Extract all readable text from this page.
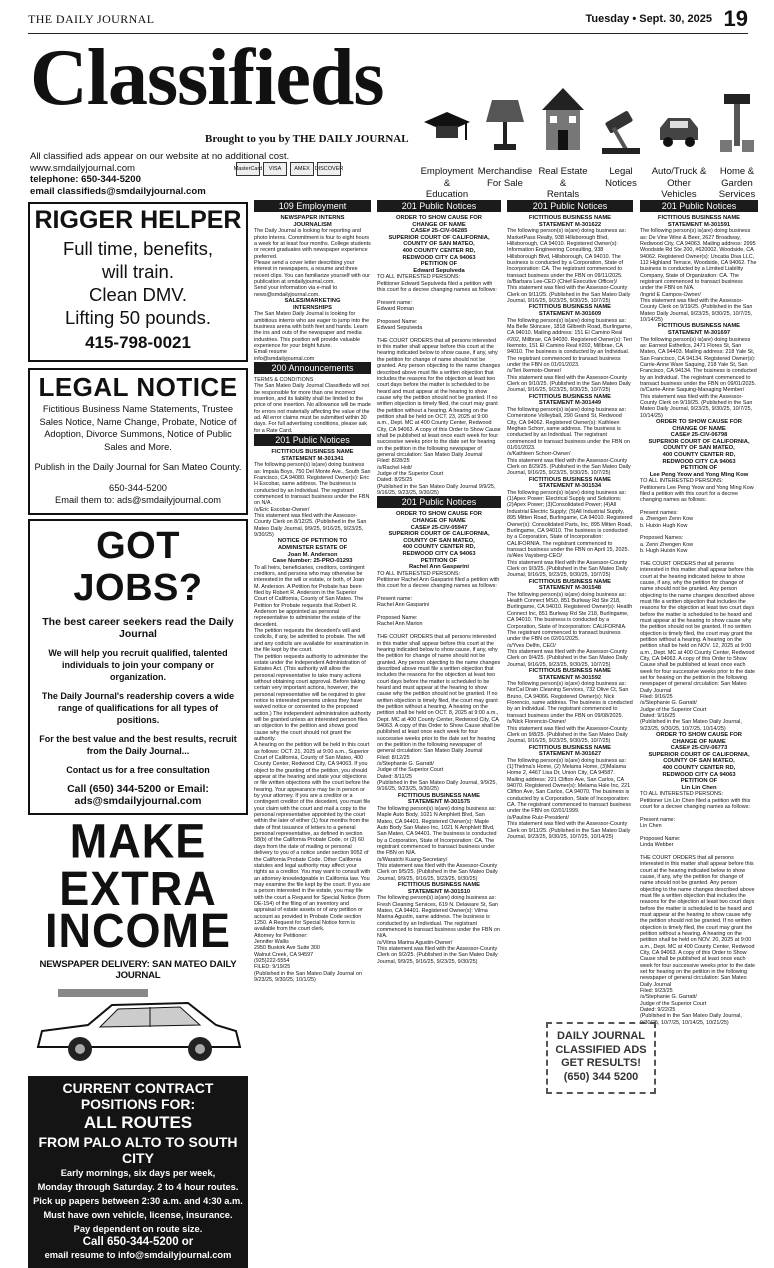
THE DAILY JOURNAL	Tuesday • Sept. 30, 2025 19
Classifieds
Brought to you by THE DAILY JOURNAL
All classified ads appear on our website at no additional cost. www.smdailyjournal.com
telephone: 650-344-5200
email classifieds@smdailyjournal.com
MasterCard	VISA	AMEX DISCOVER	Employment &
Education
Merchandise
For Sale
Real Estate &
Rentals
Legal
Notices
Auto/Truck &
Other Vehicles
Home & Garden
Services
RIGGER HELPER
Full time, benefits,
will train.
Clean DMV.
Lifting 50 pounds.
415-798-0021
LEGAL NOTICE

Fictitious Business Name Statements, Trustee Sales Notice, Name Change, Probate, Notice of Adoption, Divorce Summons, Notice of Public Sales and More.

Publish in the Daily Journal for San Mateo County.

650-344-5200

Email them to: ads@smdailyjournal.com

GOT JOBS?

The best career seekers read the Daily Journal

We will help you recruit qualified, talented individuals to join your company or organization.

The Daily Journal's readership covers a wide range of qualifications for all types of positions.

For the best value and the best results, recruit from the Daily Journal...

Contact us for a free consultation

Call (650) 344-5200 or Email: ads@smdailyjournal.com

MAKE EXTRA
INCOME
NEWSPAPER DELIVERY: SAN MATEO DAILY JOURNAL
CURRENT CONTRACT POSITIONS FOR:
ALL ROUTES
FROM PALO ALTO TO SOUTH CITY
Early mornings, six days per week,
Monday through Saturday. 2 to 4 hour routes.
Pick up papers between 2:30 a.m. and 4:30 a.m.
Must have own vehicle, license, insurance.
Pay dependent on route size.
Call 650-344-5200 or
email resume to info@smdailyjournal.com
109 Employment

NEWSPAPER INTERNS
JOURNALISM

The Daily Journal is looking for reporting and photo interns. Commitment is four to eight hours a week for at least four months. College students or recent graduates with newspaper experience preferred.
Please send a cover letter describing your interest in newspapers, a resume and three recent clips. You can familiarize yourself with our publication at smdailyjournal.com.
Send your information via e-mail to news@smdailyjournal.com.

SALES/MARKETING
INTERNSHIPS

The San Mateo Daily Journal is looking for ambitious interns who are eager to jump into the business arena with both feet and hands. Learn the ins and outs of the newspaper and media industries. This position will provide valuable experience for your bright future.
Email resume
info@smdailyjournal.com

200 Announcements

TERMS & CONDITIONS
The San Mateo Daily Journal Classifieds will not be responsible for more than one incorrect insertion, and its liability shall be limited to the price of one insertion. No allowance will be made for errors not materially affecting the value of the ad. All error claims must be submitted within 30 days. For full advertising conditions, please ask for a Rate Card.

201 Public Notices

FICTITIOUS BUSINESS NAME
STATEMENT M-301341

The following person(s) is(are) doing business as: Impala Boys, 750 Del Monte Ave., South San Francisco, CA 94080. Registered Owner(s): Eric H Escobar, same address. The business is conducted by an Individual. The registrant commenced to transact business under the FBN on N/A.
/s/Eric Escobar-Owner/
This statement was filed with the Assessor-County Clerk on 8/12/25. (Published in the San Mateo Daily Journal, 9/9/25, 9/16/25, 9/23/25, 9/30/25)

NOTICE OF PETITION TO
ADMINISTER ESTATE OF
Joan M. Anderson
Case Number: 25-PRO-01293

To all heirs, beneficiaries, creditors, contingent creditors, and persons who may otherwise be interested in the will or estate, or both, of Joan M. Anderson. A Petition for Probate has been filed by Robert R. Anderson in the Superior Court of California, County of San Mateo. The Petition for Probate requests that Robert R. Anderson be appointed as personal representative to administer the estate of the decedent.
The petition requests the decedent's will and codicils, if any, be admitted to probate. The will and any codicils are available for examination in the file kept by the court.
The petition requests authority to administer the estate under the Independent Administration of Estates Act. (This authority will allow the personal representative to take many actions without obtaining court approval. Before taking certain very important actions, however, the personal representative will be required to give notice to interested persons unless they have waived notice or consented to the proposed action.) The independent administration authority will be granted unless an interested person files an objection to the petition and shows good cause why the court should not grant the authority.
A hearing on the petition will be held in this court as follows: OCT. 21, 2025 at 9:00 a.m., Superior Court of California, County of San Mateo, 400 County Center, Redwood City, CA 94063. If you object to the granting of the petition, you should appear at the hearing and state your objections or file written objections with the court before the hearing. Your appearance may be in person or by your attorney. If you are a creditor or a contingent creditor of the decedent, you must file your claim with the court and mail a copy to the personal representative appointed by the court within the later of either (1) four months from the date of first issuance of letters to a general personal representative, as defined in section 58(b) of the California Probate Code, or (2) 60 days from the date of mailing or personal delivery to you of a notice under section 9052 of the California Probate Code. Other California statutes and legal authority may affect your rights as a creditor. You may want to consult with an attorney knowledgeable in California law. You may examine the file kept by the court. If you are a person interested in the estate, you may file with the court a Request for Special Notice (form DE-154) of the filing of an inventory and appraisal of estate assets or of any petition or account as provided in Probate Code section 1250. A Request for Special Notice form is available from the court clerk.
Attorney for Petitioner:
Jennifer Wallis
2950 Buskirk Ave Suite 300
Walnut Creek, CA 94597
(925)222-5554
FILED: 9/19/25
(Published in the San Mateo Daily Journal on 9/23/25, 9/30/25, 10/1/25)

201 Public Notices

ORDER TO SHOW CAUSE FOR
CHANGE OF NAME
CASE# 25-CIV-06285
SUPERIOR COURT OF CALIFORNIA,
COUNTY OF SAN MATEO,
400 COUNTY CENTER RD,
REDWOOD CITY CA 94063
PETITION OF
Edward Sepulveda

TO ALL INTERESTED PERSONS:
Petitioner Edward Sepulveda filed a petition with this court for a decree changing names as follows:

Present name:
Edward Roman

Proposed Name:
Edward Sepulveda

THE COURT ORDERS that all persons interested in this matter shall appear before this court at the hearing indicated below to show cause, if any, why the petition for change of name should not be granted. Any person objecting to the name changes described above must file a written objection that includes the reasons for the objection at least two court days before the matter is scheduled to be heard and must appear at the hearing to show cause why the petition should not be granted. If no written objection is timely filed, the court may grant the petition without a hearing. A hearing on the petition shall be held on OCT. 23, 2025 at 9:00 a.m., Dept. MC at 400 County Center, Redwood City, CA 94063. A copy of this Order to Show Cause shall be published at least once each week for four successive weeks prior to the date set for hearing on the petition in the following newspaper of general circulation: San Mateo Daily Journal
Filed: 8/28/25
/s/Rachel Holt/
Judge of the Superior Court
Dated: 8/25/25
(Published in the San Mateo Daily Journal 9/9/25, 9/16/25, 9/23/25, 9/30/25)

201 Public Notices

ORDER TO SHOW CAUSE FOR
CHANGE OF NAME
CASE# 25-CIV-05947
SUPERIOR COURT OF CALIFORNIA,
COUNTY OF SAN MATEO,
400 COUNTY CENTER RD,
REDWOOD CITY CA 94063
PETITION OF
Rachel Ann Gasparini

TO ALL INTERESTED PERSONS:
Petitioner Rachel Ann Gasparini filed a petition with this court for a decree changing names as follows:

Present name:
Rachel Ann Gasparini

Proposed Name:
Rachel Ann Marion

THE COURT ORDERS that all persons interested in this matter shall appear before this court at the hearing indicated below to show cause, if any, why the petition for change of name should not be granted. Any person objecting to the name changes described above must file a written objection that includes the reasons for the objection at least two court days before the matter is scheduled to be heard and must appear at the hearing to show cause why the petition should not be granted. If no written objection is timely filed, the court may grant the petition without a hearing. A hearing on the petition shall be held on OCT. 8, 2025 at 9:00 a.m., Dept. MC at 400 County Center, Redwood City, CA 94063. A copy of this Order to Show Cause shall be published at least once each week for four successive weeks prior to the date set for hearing on the petition in the following newspaper of general circulation: San Mateo Daily Journal
Filed: 8/12/25
/s/Stephanie G. Garratt/
Judge of the Superior Court
Dated: 8/11/25
(Published in the San Mateo Daily Journal, 9/9/25, 9/16/25, 9/23/25, 9/30/25)

FICTITIOUS BUSINESS NAME
STATEMENT M-301575

The following person(s) is(are) doing business as: Maple Auto Body, 1021 N Amphlett Blvd, San Mateo, CA 94401. Registered Owner(s): Maple Auto Body San Mateo Inc, 1021 N Amphlett Blvd, San Mateo, CA 94401. The business is conducted by a Corporation, State of Incorporation: CA. The registrant commenced to transact business under the FBN on N/A.
/s/Waratchi Kuang-Secretary/
This statement was filed with the Assessor-County Clerk on 9/5/25. (Published in the San Mateo Daily Journal, 9/9/25, 9/16/25, 9/23/25, 9/30/25)

FICTITIOUS BUSINESS NAME
STATEMENT M-301510

The following person(s) is(are) doing business as: Fresh Cleaning Services, 619 N. Delaware St, San Mateo, CA 94401. Registered Owner(s): Vilma Marina Agustin, same address. The business is conducted by an Individual. The registrant commenced to transact business under the FBN on N/A.
/s/Vilma Marina Agustin-Owner/
This statement was filed with the Assessor-County Clerk on 9/2/25. (Published in the San Mateo Daily Journal, 9/9/25, 9/16/25, 9/23/25, 9/30/25)

201 Public Notices

FICTITIOUS BUSINESS NAME
STATEMENT M-301622

The following person(s) is(are) doing business as: MarketPass Realty, 938 Hillsborough Blvd, Hillsborough, CA 94010. Registered Owner(s): Information Engineering Consulting, 938 Hillsborough Blvd, Hillsborough, CA 94010. The business is conducted by a Corporation, State of Incorporation: CA. The registrant commenced to transact business under the FBN on 09/11/2025.
/s/Barbara Lee-CEO (Chief Executive Officer)/
This statement was filed with the Assessor-County Clerk on 9/11/25. (Published in the San Mateo Daily Journal, 9/16/25, 9/23/25, 9/30/25, 10/7/25)

FICTITIOUS BUSINESS NAME
STATEMENT M-301609

The following person(s) is(are) doing business as: Ma Belle Skincare, 1818 Gilbreth Road, Burlingame, CA 94010. Mailing address: 151 El Camino Real #202, Millbrae, CA 94030. Registered Owner(s): Teri Ikemoto, 151 El Camino Real #202, Millbrae, CA 94010. The business is conducted by an Individual. The registrant commenced to transact business under the FBN on 01/01/2023.
/s/Teri Ikemoto-Owner/
This statement was filed with the Assessor-County Clerk on 9/10/25. (Published in the San Mateo Daily Journal, 9/16/25, 9/23/25, 9/30/25, 10/7/25)

FICTITIOUS BUSINESS NAME
STATEMENT M-301449

The following person(s) is(are) doing business as: Cornerstone Volleyball, 290 Grand St, Redwood City, CA 94062. Registered Owner(s): Kathleen Meghan Schorr, same address. The business is conducted by an Individual. The registrant commenced to transact business under the FBN on 01/01/2023.
/s/Kathleen Schorr-Owner/
This statement was filed with the Assessor-County Clerk on 8/29/25. (Published in the San Mateo Daily Journal, 9/16/25, 9/23/25, 9/30/25, 10/7/25)

FICTITIOUS BUSINESS NAME
STATEMENT M-301534

The following person(s) is(are) doing business as: (1)Apex Power: Electrical Supply and Solutions; (2)Apex Power; (3)Consolidated Power; (4)All Industrial Electric Supply; (5)All Industrial Supply, 895 Mitten Road, Burlingame, CA 94010. Registered Owner(s): Consolidated Parts, Inc, 895 Mitten Road, Burlingame, CA 94010. The business is conducted by a Corporation, State of Incorporation: CALIFORNIA. The registrant commenced to transact business under the FBN on April 15, 2025.
/s/Alex Vaysberg-CEO/
This statement was filed with the Assessor-County Clerk on 9/3/25. (Published in the San Mateo Daily Journal, 9/16/25, 9/23/25, 9/30/25, 10/7/25)

FICTITIOUS BUSINESS NAME
STATEMENT M-301548

The following person(s) is(are) doing business as: Health Connect MSO, 851 Burlway Rd Ste 218, Burlingame, CA 94010. Registered Owner(s): Health Connect Inc, 851 Burlway Rd Ste 218, Burlingame, CA 94010. The business is conducted by a Corporation, State of Incorporation: CALIFORNIA. The registrant commenced to transact business under the FBN on 02/01/2025.
/s/Yves Delfin, CEO/
This statement was filed with the Assessor-County Clerk on 9/4/25. (Published in the San Mateo Daily Journal, 9/16/25, 9/23/25, 9/30/25, 10/7/25)

FICTITIOUS BUSINESS NAME
STATEMENT M-301592

The following person(s) is(are) doing business as: NorCal Drain Cleaning Services, 732 Olive Ct, San Bruno, CA 94066. Registered Owner(s): Nick Florencio, same address. The business is conducted by an Individual. The registrant commenced to transact business under the FBN on 09/08/2025.
/s/Nick Florencio-Owner/
This statement was filed with the Assessor-County Clerk on 9/8/25. (Published in the San Mateo Daily Journal, 9/16/25, 9/23/25, 9/30/25, 10/7/25)

FICTITIOUS BUSINESS NAME
STATEMENT M-301627

The following person(s) is(are) doing business as: (1)Thelma's Home, (2) Melama Home, (3)Malama Home 2, 4467 Lisa Dr, Union City, CA 94587. Mailing address: 221 Clifton Ave, San Carlos, CA 94070. Registered Owner(s): Melama Hale Inc, 221 Clifton Ave, San Carlos, CA 94070. The business is conducted by a Corporation, State of Incorporation: CA. The registrant commenced to transact business under the FBN on 02/01/1999.
/s/Pauline Ruiz-President/
This statement was filed with the Assessor-County Clerk on 9/11/25. (Published in the San Mateo Daily Journal, 9/23/25, 9/30/25, 10/7/25, 10/14/25)

201 Public Notices

FICTITIOUS BUSINESS NAME
STATEMENT M-301591

The following person(s) is(are) doing business as: De Vine Wine & Beer, 2627 Broadway, Redwood City, CA 94063. Mailing address: 2995 Woodside Rd Ste 200, #620002, Woodside, CA 94062. Registered Owner(s): Uncatia Diva LLC, 112 Highland Terrace, Woodside, CA 94062. The business is conducted by a Limited Liability Company, State of Organization: CA. The registrant commenced to transact business under the FBN on N/A.
/Ingrid E Campos-Owner/
This statement was filed with the Assessor-County Clerk on 9/19/25. (Published in the San Mateo Daily Journal, 9/23/25, 9/30/25, 10/7/25, 10/14/25)

FICTITIOUS BUSINESS NAME
STATEMENT M-301697

The following person(s) is(are) doing business as: Earnest Esthetics, 2471 Flores St, San Mateo, CA 94403. Mailing address: 218 Yale St, San Francisco, CA 94134. Registered Owner(s): Carrie-Anne Ware Saquing, 218 Yale St, San Francisco, CA 94134. The business is conducted by an Individual. The registrant commenced to transact business under the FBN on 09/01/2025.
/s/Carrie-Anne Saquing-Managing Member/
This statement was filed with the Assessor-County Clerk on 9/19/25. (Published in the San Mateo Daily Journal, 9/23/25, 9/30/25, 10/7/25, 10/14/25)

ORDER TO SHOW CAUSE FOR
CHANGE OF NAME
CASE# 25-CIV-06798
SUPERIOR COURT OF CALIFORNIA,
COUNTY OF SAN MATEO,
400 COUNTY CENTER RD,
REDWOOD CITY CA 94063
PETITION OF
Lee Peng Yeow and Yong Ming Kow

TO ALL INTERESTED PERSONS:
Petitioners Lee Peng Yeow and Yong Ming Kow filed a petition with this court for a decree changing names as follows:

Present names:
a. Zhengen Zenn Kow
b. Huixin Hugh Kow

Proposed Names:
a. Zenn Zhengen Kow
b. Hugh Huixin Kow

THE COURT ORDERS that all persons interested in this matter shall appear before this court at the hearing indicated below to show cause, if any, why the petition for change of name should not be granted. Any person objecting to the name changes described above must file a written objection that includes the reasons for the objection at least two court days before the matter is scheduled to be heard and must appear at the hearing to show cause why the petition should not be granted. If no written objection is timely filed, the court may grant the petition without a hearing. A hearing on the petition shall be held on NOV. 12, 2025 at 9:00 a.m., Dept. MC at 400 County Center, Redwood City, CA 94063. A copy of this Order to Show Cause shall be published at least once each week for four successive weeks prior to the date set for hearing on the petition in the following newspaper of general circulation: San Mateo Daily Journal
Filed: 9/16/25
/s/Stephanie G. Garratt/
Judge of the Superior Court
Dated: 9/16/25
(Published in the San Mateo Daily Journal, 9/23/25, 9/30/25, 10/7/25, 10/14/25)

ORDER TO SHOW CAUSE FOR
CHANGE OF NAME
CASE# 25-CIV-06773
SUPERIOR COURT OF CALIFORNIA,
COUNTY OF SAN MATEO,
400 COUNTY CENTER RD,
REDWOOD CITY CA 94063
PETITION OF
Lin Lin Chen

TO ALL INTERESTED PERSONS:
Petitioner Lin Lin Chen filed a petition with this court for a decree changing names as follows:

Present name:
Lin Chen

Proposed Name:
Linda Webber

THE COURT ORDERS that all persons interested in this matter shall appear before this court at the hearing indicated below to show cause, if any, why the petition for change of name should not be granted. Any person objecting to the name changes described above must file a written objection that includes the reasons for the objection at least two court days before the matter is scheduled to be heard and must appear at the hearing to show cause why the petition should not be granted. If no written objection is timely filed, the court may grant the petition without a hearing. A hearing on the petition shall be held on NOV. 20, 2025 at 9:00 a.m., Dept. MC at 400 County Center, Redwood City, CA 94063. A copy of this Order to Show Cause shall be published at least once each week for four successive weeks prior to the date set for hearing on the petition in the following newspaper of general circulation: San Mateo Daily Journal
Filed: 9/23/25
/s/Stephanie G. Garratt/
Judge of the Superior Court
Dated: 9/22/25
(Published in the San Mateo Daily Journal, 9/30/25, 10/7/25, 10/14/25, 10/21/25)

DAILY JOURNAL
CLASSIFIED ADS
GET RESULTS!
(650) 344 5200
